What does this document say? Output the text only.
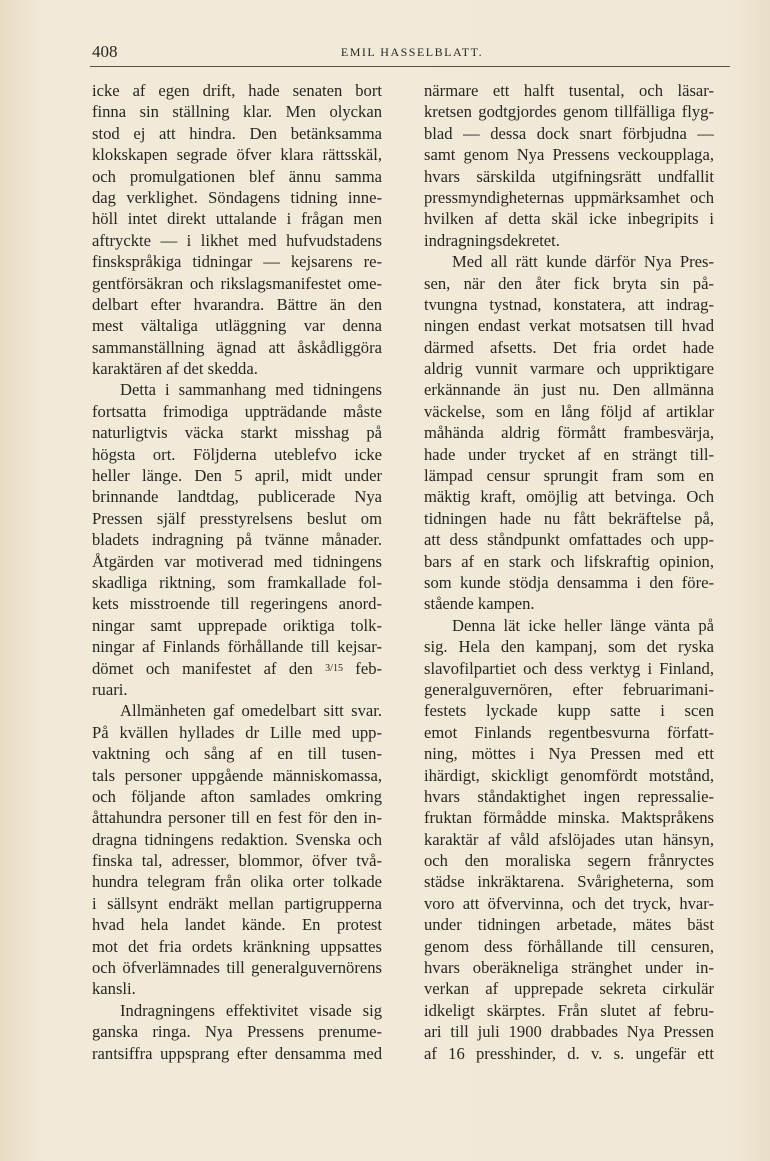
408	EMIL HASSELBLATT.
icke af egen drift, hade senaten bort
finna sin ställning klar. Men olyckan
stod ej att hindra. Den betänksamma
klokskapen segrade öfver klara rättsskäl,
och promulgationen blef ännu samma
dag verklighet. Söndagens tidning inne-
höll intet direkt uttalande i frågan men
aftryckte — i likhet med hufvudstadens
finskspråkiga tidningar — kejsarens re-
gentförsäkran och rikslagsmanifestet ome-
delbart efter hvarandra. Bättre än den
mest vältaliga utläggning var denna
sammanställning ägnad att åskådliggöra
karaktären af det skedda.
Detta i sammanhang med tidningens
fortsatta frimodiga uppträdande måste
naturligtvis väcka starkt misshag på
högsta ort. Följderna uteblefvo icke
heller länge. Den 5 april, midt under
brinnande landtdag, publicerade Nya
Pressen själf presstyrelsens beslut om
bladets indragning på tvänne månader.
Åtgärden var motiverad med tidningens
skadliga riktning, som framkallade fol-
kets misstroende till regeringens anord-
ningar samt upprepade oriktiga tolk-
ningar af Finlands förhållande till kejsar-
dömet och manifestet af den 3/15 feb-
ruari.
Allmänheten gaf omedelbart sitt svar.
På kvällen hyllades dr Lille med upp-
vaktning och sång af en till tusen-
tals personer uppgående människomassa,
och följande afton samlades omkring
åttahundra personer till en fest för den in-
dragna tidningens redaktion. Svenska och
finska tal, adresser, blommor, öfver två-
hundra telegram från olika orter tolkade
i sällsynt endräkt mellan partigrupperna
hvad hela landet kände. En protest
mot det fria ordets kränkning uppsattes
och öfverlämnades till generalguvernörens
kansli.
Indragningens effektivitet visade sig
ganska ringa. Nya Pressens prenume-
rantsiffra uppsprang efter densamma med
närmare ett halft tusental, och läsar-
kretsen godtgjordes genom tillfälliga flyg-
blad — dessa dock snart förbjudna —
samt genom Nya Pressens veckoupplaga,
hvars särskilda utgifningsrätt undfallit
pressmyndigheternas uppmärksamhet och
hvilken af detta skäl icke inbegripits i
indragningsdekretet.
Med all rätt kunde därför Nya Pres-
sen, när den åter fick bryta sin på-
tvungna tystnad, konstatera, att indrag-
ningen endast verkat motsatsen till hvad
därmed afsetts. Det fria ordet hade
aldrig vunnit varmare och uppriktigare
erkännande än just nu. Den allmänna
väckelse, som en lång följd af artiklar
måhända aldrig förmått frambesvärja,
hade under trycket af en strängt till-
lämpad censur sprungit fram som en
mäktig kraft, omöjlig att betvinga. Och
tidningen hade nu fått bekräftelse på,
att dess ståndpunkt omfattades och upp-
bars af en stark och lifskraftig opinion,
som kunde stödja densamma i den före-
stående kampen.
Denna lät icke heller länge vänta på
sig. Hela den kampanj, som det ryska
slavofilpartiet och dess verktyg i Finland,
generalguvernören, efter februarimani-
festets lyckade kupp satte i scen
emot Finlands regentbesvurna författ-
ning, möttes i Nya Pressen med ett
ihärdigt, skickligt genomfördt motstånd,
hvars ståndaktighet ingen repressalie-
fruktan förmådde minska. Maktspråkens
karaktär af våld afslöjades utan hänsyn,
och den moraliska segern frånryctes
städse inkräktarena. Svårigheterna, som
voro att öfvervinna, och det tryck, hvar-
under tidningen arbetade, mätes bäst
genom dess förhållande till censuren,
hvars oberäkneliga stränghet under in-
verkan af upprepade sekreta cirkulär
idkeligt skärptes. Från slutet af febru-
ari till juli 1900 drabbades Nya Pressen
af 16 presshinder, d. v. s. ungefär ett
